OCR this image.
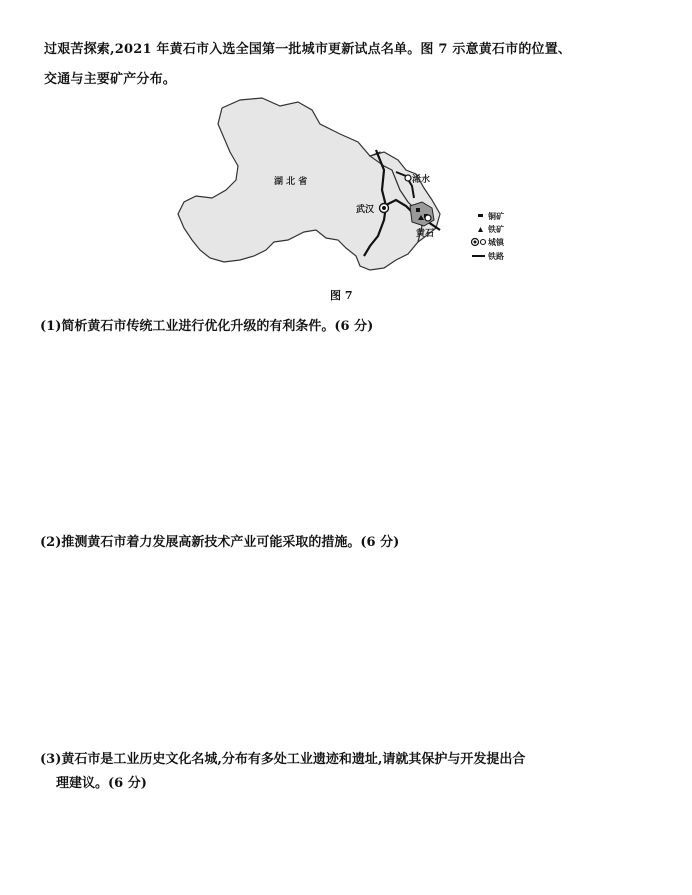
过艰苦探索,2021 年黄石市入选全国第一批城市更新试点名单。图 7 示意黄石市的位置、
交通与主要矿产分布。
湖 北 省
武汉
浠水
黄石
铜矿
铁矿
城镇
铁路
图 7
(1)简析黄石市传统工业进行优化升级的有利条件。(6 分)
(2)推测黄石市着力发展高新技术产业可能采取的措施。(6 分)
(3)黄石市是工业历史文化名城,分布有多处工业遗迹和遗址,请就其保护与开发提出合
理建议。(6 分)
